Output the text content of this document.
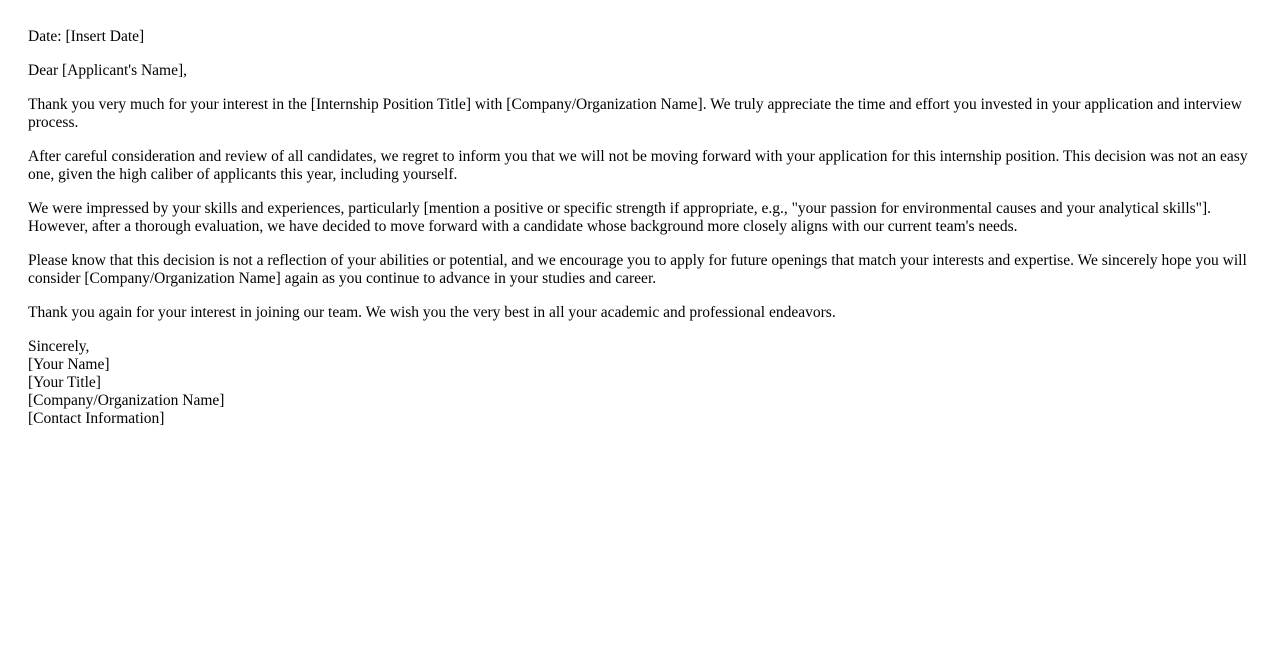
Date: [Insert Date]

Dear [Applicant's Name],

Thank you very much for your interest in the [Internship Position Title] with [Company/Organization Name]. We truly appreciate the time and effort you invested in your application and interview process.

After careful consideration and review of all candidates, we regret to inform you that we will not be moving forward with your application for this internship position. This decision was not an easy one, given the high caliber of applicants this year, including yourself.

We were impressed by your skills and experiences, particularly [mention a positive or specific strength if appropriate, e.g., "your passion for environmental causes and your analytical skills"]. However, after a thorough evaluation, we have decided to move forward with a candidate whose background more closely aligns with our current team's needs.

Please know that this decision is not a reflection of your abilities or potential, and we encourage you to apply for future openings that match your interests and expertise. We sincerely hope you will consider [Company/Organization Name] again as you continue to advance in your studies and career.

Thank you again for your interest in joining our team. We wish you the very best in all your academic and professional endeavors.

Sincerely,
[Your Name]
[Your Title]
[Company/Organization Name]
[Contact Information]
